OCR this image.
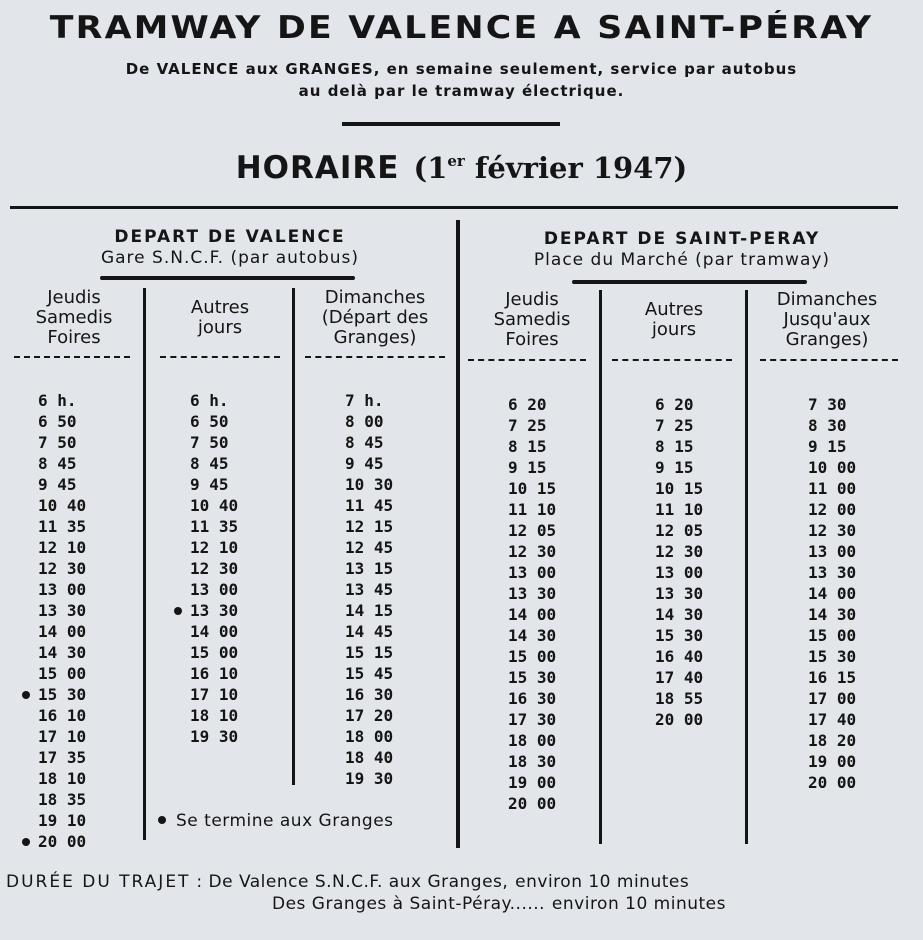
TRAMWAY DE VALENCE A SAINT-PÉRAY
De VALENCE aux GRANGES, en semaine seulement, service par autobus
au delà par le tramway électrique.
HORAIRE (1er février 1947)
DEPART DE VALENCE
Gare S.N.C.F. (par autobus)
Jeudis
Samedis
Foires
Autres
jours
Dimanches
(Départ des
Granges)
6 h.
6 50
7 50
8 45
9 45
10 40
11 35
12 10
12 30
13 00
13 30
14 00
14 30
15 00
15 30
16 10
17 10
17 35
18 10
18 35
19 10
20 00
6 h.
6 50
7 50
8 45
9 45
10 40
11 35
12 10
12 30
13 00
13 30
14 00
15 00
16 10
17 10
18 10
19 30
7 h.
8 00
8 45
9 45
10 30
11 45
12 15
12 45
13 15
13 45
14 15
14 45
15 15
15 45
16 30
17 20
18 00
18 40
19 30
Se termine aux Granges
DEPART DE SAINT-PERAY
Place du Marché (par tramway)
Jeudis
Samedis
Foires
Autres
jours
Dimanches
Jusqu'aux
Granges)
6 20
7 25
8 15
9 15
10 15
11 10
12 05
12 30
13 00
13 30
14 00
14 30
15 00
15 30
16 30
17 30
18 00
18 30
19 00
20 00
6 20
7 25
8 15
9 15
10 15
11 10
12 05
12 30
13 00
13 30
14 30
15 30
16 40
17 40
18 55
20 00
7 30
8 30
9 15
10 00
11 00
12 00
12 30
13 00
13 30
14 00
14 30
15 00
15 30
16 15
17 00
17 40
18 20
19 00
20 00
DURÉE DU TRAJET : De Valence S.N.C.F. aux Granges, environ 10 minutes
Des Granges à Saint-Péray...... environ 10 minutes
